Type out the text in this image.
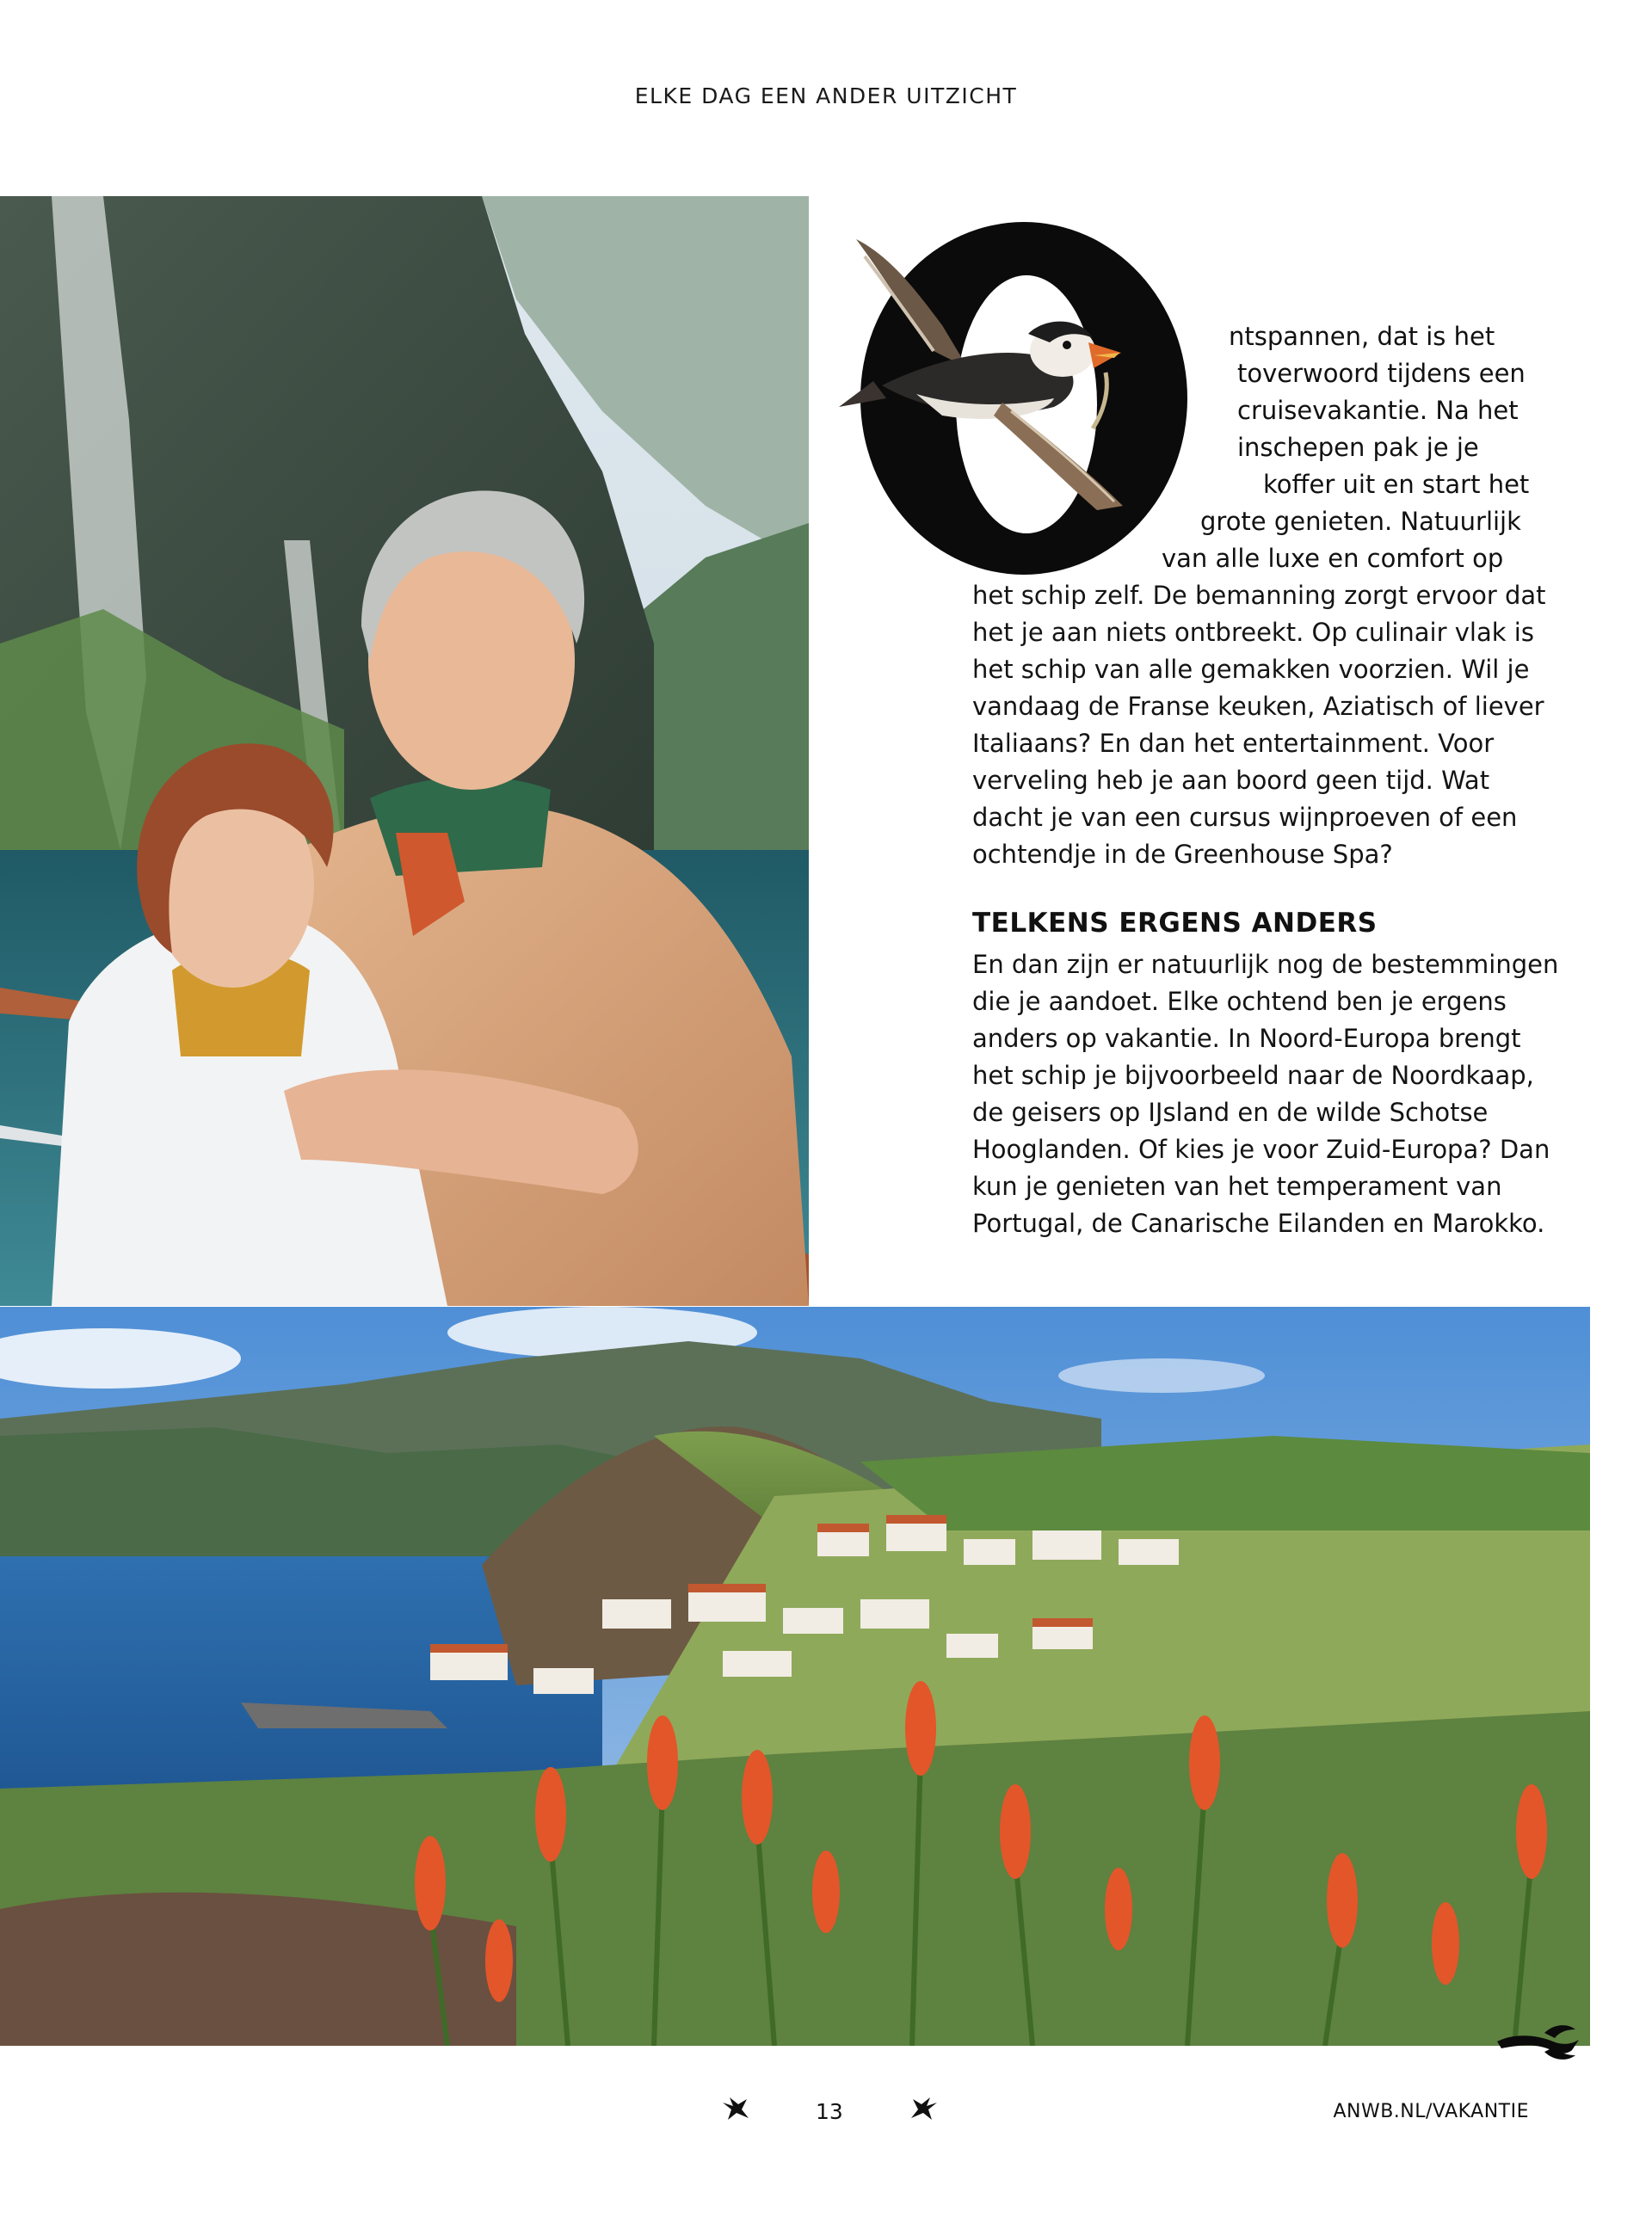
ELKE DAG EEN ANDER UITZICHT
ntspannen, dat is het
toverwoord tijdens een
cruisevakantie. Na het
inschepen pak je je
koffer uit en start het
grote genieten. Natuurlijk
van alle luxe en comfort op
het schip zelf. De bemanning zorgt ervoor dat
het je aan niets ontbreekt. Op culinair vlak is
het schip van alle gemakken voorzien. Wil je
vandaag de Franse keuken, Aziatisch of liever
Italiaans? En dan het entertainment. Voor
verveling heb je aan boord geen tijd. Wat
dacht je van een cursus wijnproeven of een
ochtendje in de Greenhouse Spa?
TELKENS ERGENS ANDERS
En dan zijn er natuurlijk nog de bestemmingen
die je aandoet. Elke ochtend ben je ergens
anders op vakantie. In Noord-Europa brengt
het schip je bijvoorbeeld naar de Noordkaap,
de geisers op IJsland en de wilde Schotse
Hooglanden. Of kies je voor Zuid-Europa? Dan
kun je genieten van het temperament van
Portugal, de Canarische Eilanden en Marokko.
13	ANWB.NL/VAKANTIE
